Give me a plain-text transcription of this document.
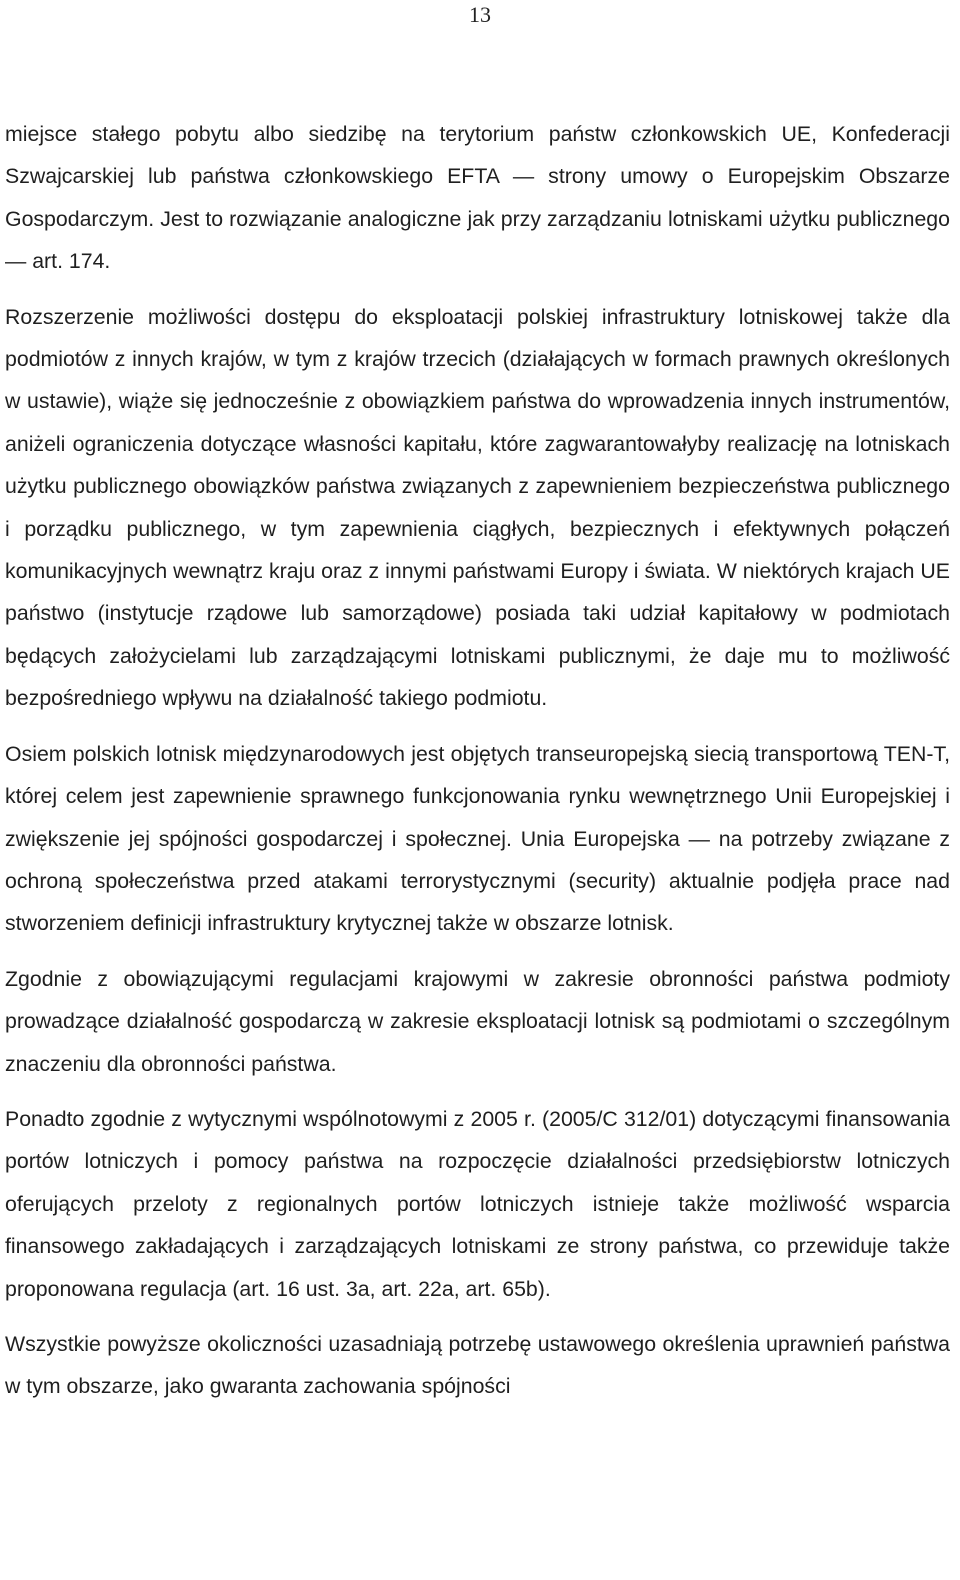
13

miejsce stałego pobytu albo siedzibę na terytorium państw członkowskich UE, Konfederacji Szwajcarskiej lub państwa członkowskiego EFTA — strony umowy o Europejskim Obszarze Gospodarczym. Jest to rozwiązanie analogiczne jak przy zarządzaniu lotniskami użytku publicznego — art. 174.

Rozszerzenie możliwości dostępu do eksploatacji polskiej infrastruktury lotniskowej także dla podmiotów z innych krajów, w tym z krajów trzecich (działających w formach prawnych określonych w ustawie), wiąże się jednocześnie z obowiązkiem państwa do wprowadzenia innych instrumentów, aniżeli ograniczenia dotyczące własności kapitału, które zagwarantowałyby realizację na lotniskach użytku publicznego obowiązków państwa związanych z zapewnieniem bezpieczeństwa publicznego i porządku publicznego, w tym zapewnienia ciągłych, bezpiecznych i efektywnych połączeń komunikacyjnych wewnątrz kraju oraz z innymi państwami Europy i świata. W niektórych krajach UE państwo (instytucje rządowe lub samorządowe) posiada taki udział kapitałowy w podmiotach będących założycielami lub zarządzającymi lotniskami publicznymi, że daje mu to możliwość bezpośredniego wpływu na działalność takiego podmiotu.

Osiem polskich lotnisk międzynarodowych jest objętych transeuropejską siecią transportową TEN-T, której celem jest zapewnienie sprawnego funkcjonowania rynku wewnętrznego Unii Europejskiej i zwiększenie jej spójności gospodarczej i społecznej. Unia Europejska — na potrzeby związane z ochroną społeczeństwa przed atakami terrorystycznymi (security) aktualnie podjęła prace nad stworzeniem definicji infrastruktury krytycznej także w obszarze lotnisk.

Zgodnie z obowiązującymi regulacjami krajowymi w zakresie obronności państwa podmioty prowadzące działalność gospodarczą w zakresie eksploatacji lotnisk są podmiotami o szczególnym znaczeniu dla obronności państwa.

Ponadto zgodnie z wytycznymi wspólnotowymi z 2005 r. (2005/C 312/01) dotyczącymi finansowania portów lotniczych i pomocy państwa na rozpoczęcie działalności przedsiębiorstw lotniczych oferujących przeloty z regionalnych portów lotniczych istnieje także możliwość wsparcia finansowego zakładających i zarządzających lotniskami ze strony państwa, co przewiduje także proponowana regulacja (art. 16 ust. 3a, art. 22a, art. 65b).

Wszystkie powyższe okoliczności uzasadniają potrzebę ustawowego określenia uprawnień państwa w tym obszarze, jako gwaranta zachowania spójności
